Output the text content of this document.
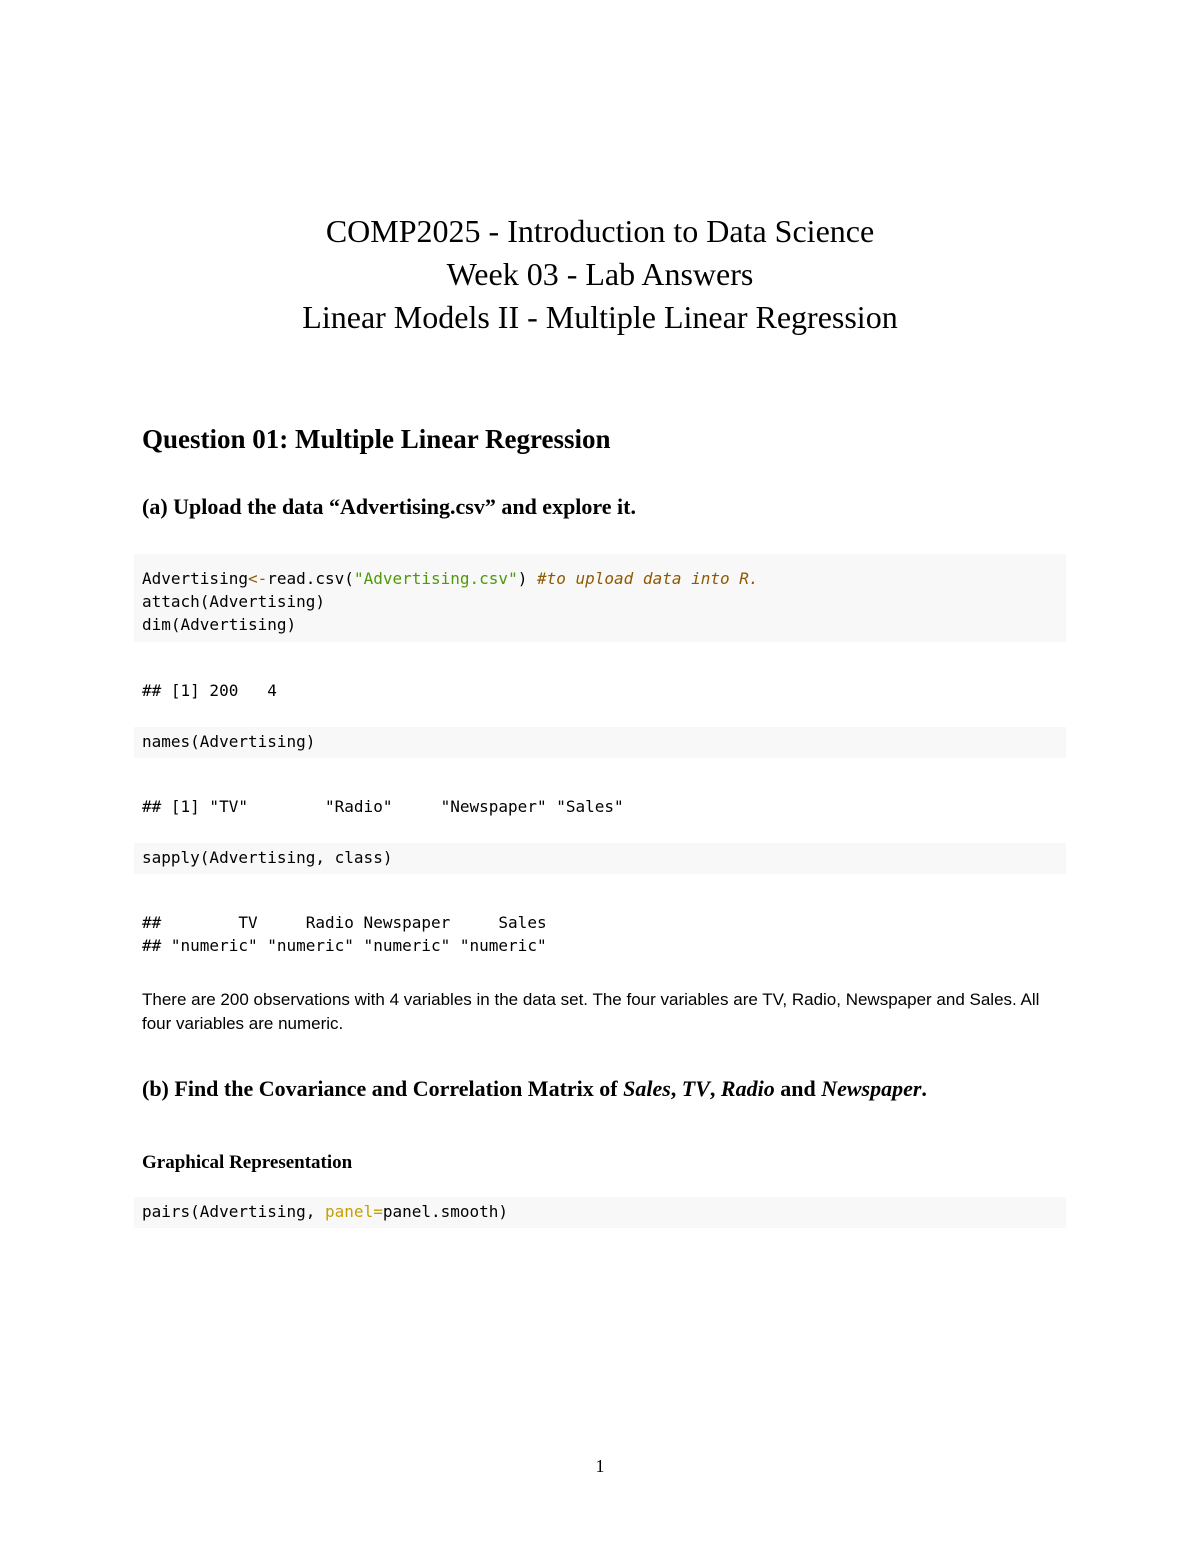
COMP2025 - Introduction to Data Science

Week 03 - Lab Answers

Linear Models II - Multiple Linear Regression

Question 01: Multiple Linear Regression
(a) Upload the data “Advertising.csv” and explore it.
Advertising<-read.csv("Advertising.csv") #to upload data into R.
attach(Advertising)
dim(Advertising)
## [1] 200   4
names(Advertising)
## [1] "TV"        "Radio"     "Newspaper" "Sales"
sapply(Advertising, class)
##        TV     Radio Newspaper     Sales
## "numeric" "numeric" "numeric" "numeric"

There are 200 observations with 4 variables in the data set. The four variables are TV, Radio, Newspaper and Sales. All four variables are numeric.

(b) Find the Covariance and Correlation Matrix of Sales, TV, Radio and Newspaper.
Graphical Representation
pairs(Advertising, panel=panel.smooth)
1
